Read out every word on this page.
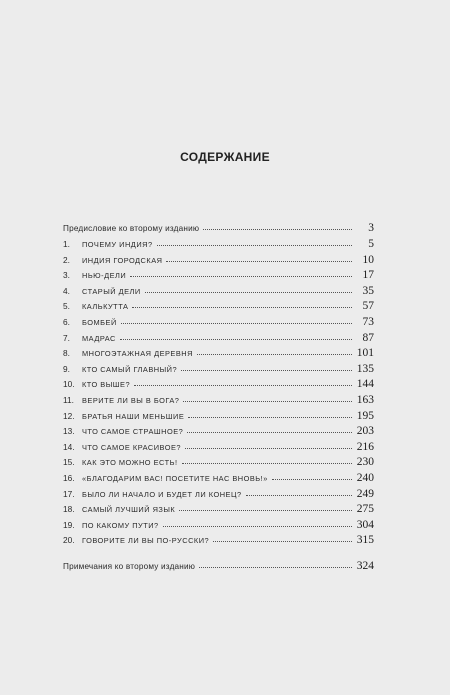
СОДЕРЖАНИЕ
Предисловие ко второму изданию	3
1.	ПОЧЕМУ ИНДИЯ?	5
2.	ИНДИЯ ГОРОДСКАЯ	10
3.	НЬЮ-ДЕЛИ	17
4.	СТАРЫЙ ДЕЛИ	35
5.	КАЛЬКУТТА	57
6.	БОМБЕЙ	73
7.	МАДРАС	87
8.	МНОГОЭТАЖНАЯ ДЕРЕВНЯ	101
9.	КТО САМЫЙ ГЛАВНЫЙ?	135
10.	КТО ВЫШЕ?	144
11.	ВЕРИТЕ ЛИ ВЫ В БОГА?	163
12.	БРАТЬЯ НАШИ МЕНЬШИЕ	195
13.	ЧТО САМОЕ СТРАШНОЕ?	203
14.	ЧТО САМОЕ КРАСИВОЕ?	216
15.	КАК ЭТО МОЖНО ЕСТЬ!	230
16.	«БЛАГОДАРИМ ВАС! ПОСЕТИТЕ НАС ВНОВЬ!»	240
17.	БЫЛО ЛИ НАЧАЛО И БУДЕТ ЛИ КОНЕЦ?	249
18.	САМЫЙ ЛУЧШИЙ ЯЗЫК	275
19.	ПО КАКОМУ ПУТИ?	304
20.	ГОВОРИТЕ ЛИ ВЫ ПО-РУССКИ?	315
Примечания ко второму изданию	324
